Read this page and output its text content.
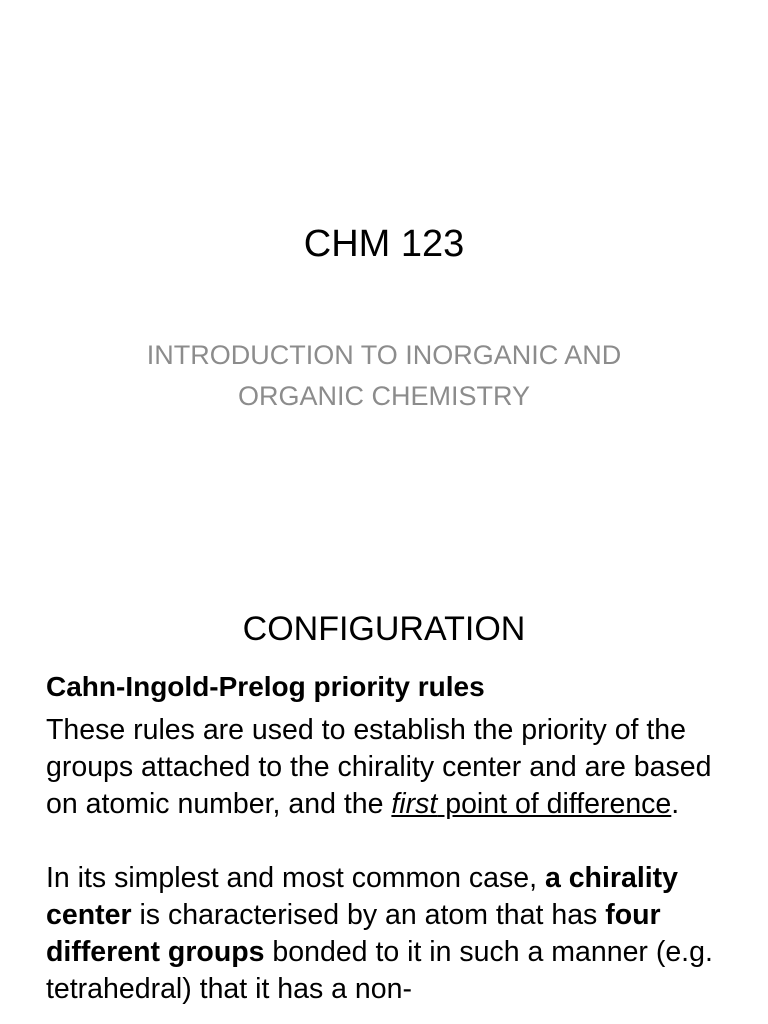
CHM 123
INTRODUCTION TO INORGANIC AND
ORGANIC CHEMISTRY
CONFIGURATION
Cahn-Ingold-Prelog priority rules

These rules are used to establish the priority of the groups attached to the chirality center and are based on atomic number, and the first point of difference.

In its simplest and most common case, a chirality center is characterised by an atom that has four different groups bonded to it in such a manner (e.g. tetrahedral) that it has a non-
